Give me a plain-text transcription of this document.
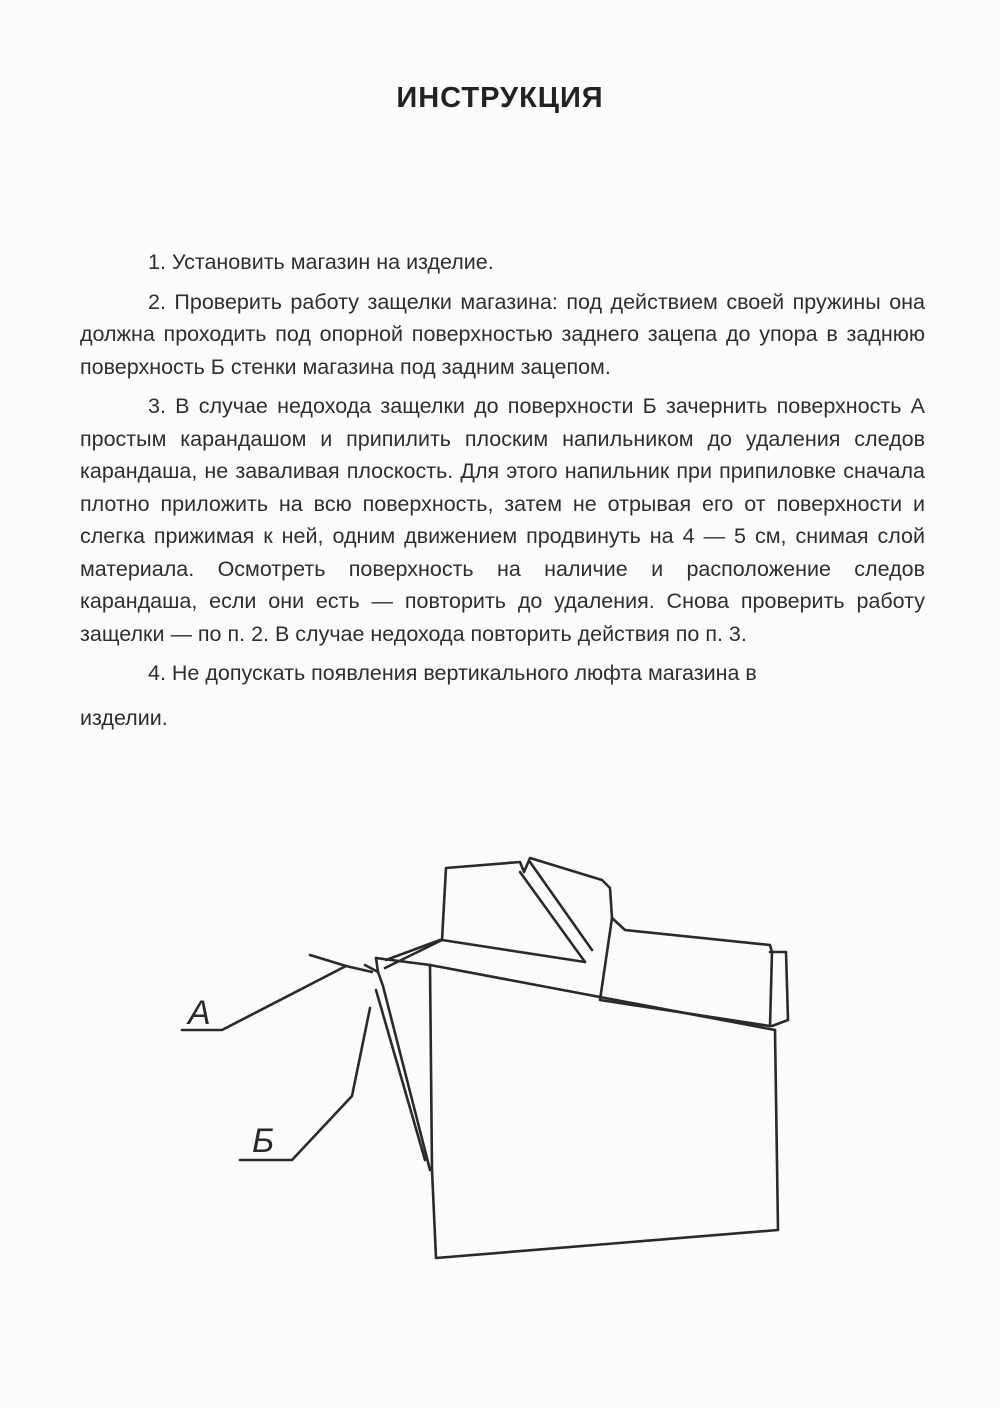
ИНСТРУКЦИЯ

1. Установить магазин на изделие.

2. Проверить работу защелки магазина: под действием своей пружины она должна проходить под опорной поверхностью заднего зацепа до упора в заднюю поверхность Б стенки магазина под задним зацепом.

3. В случае недохода защелки до поверхности Б зачернить поверхность А простым карандашом и припилить плоским напильником до удаления следов карандаша, не заваливая плоскость. Для этого напильник при припиловке сначала плотно приложить на всю поверхность, затем не отрывая его от поверхности и слегка прижимая к ней, одним движением продвинуть на 4 — 5 см, снимая слой материала. Осмотреть поверхность на наличие и расположение следов карандаша, если они есть — повторить до удаления. Снова проверить работу защелки — по п. 2. В случае недохода повторить действия по п. 3.

4. Не допускать появления вертикального люфта магазина в

изделии.

А
Б
